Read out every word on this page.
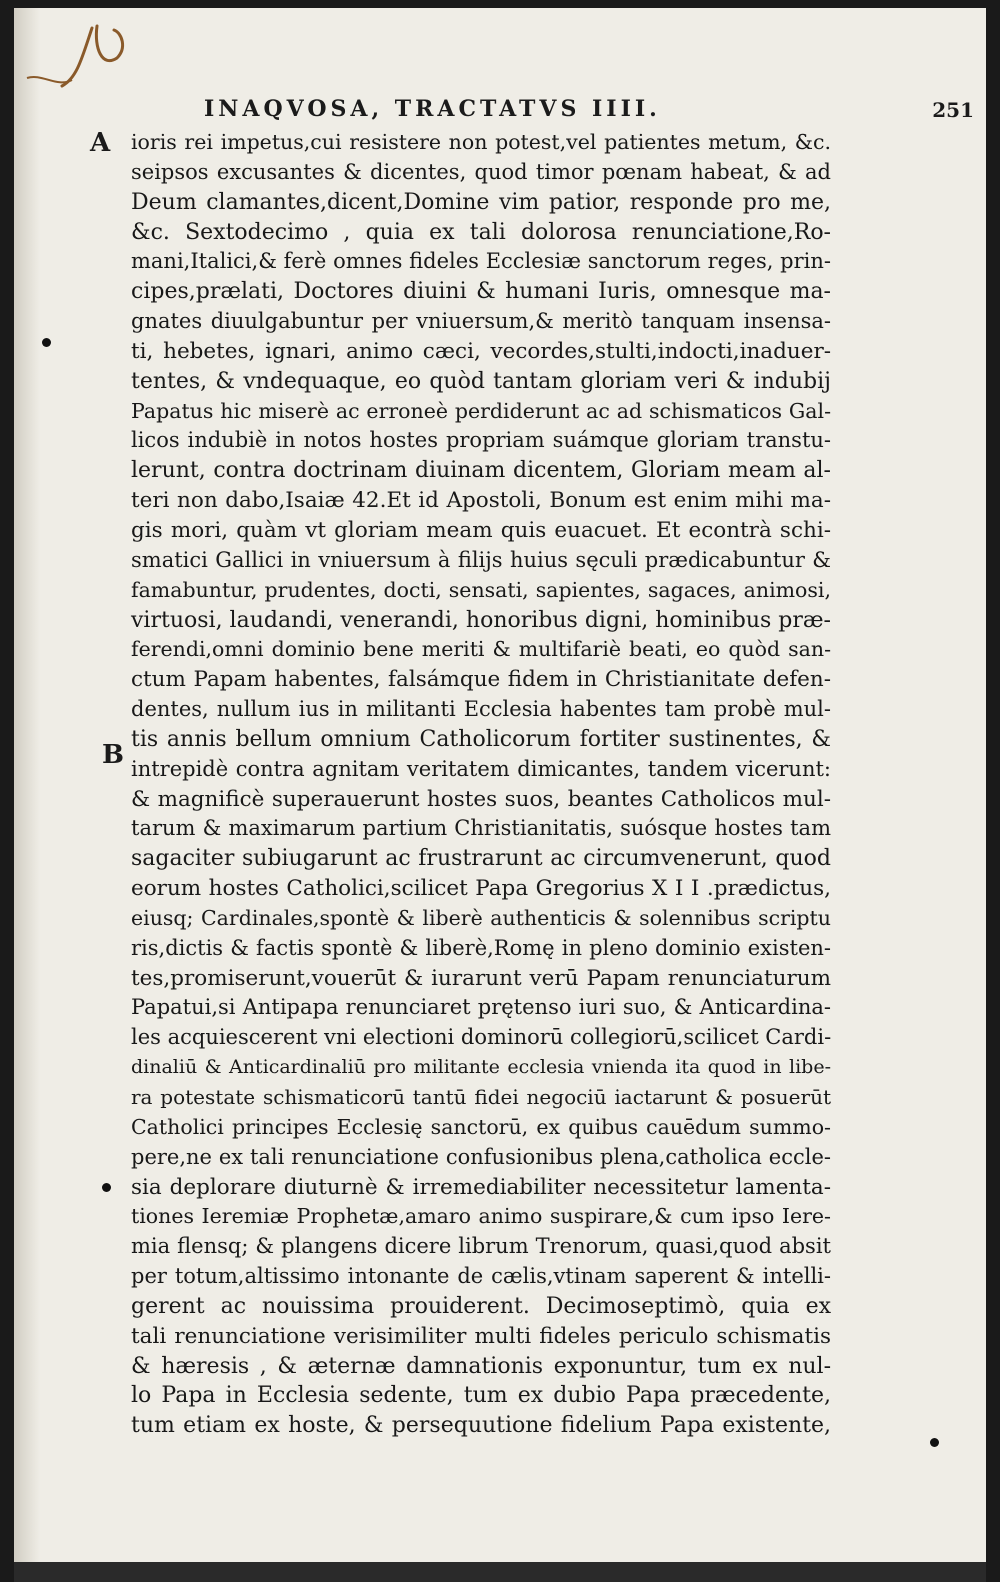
INAQVOSA, TRACTATVS IIII.	251
A
B
ioris rei impetus,cui resistere non potest,vel patientes metum, &c.
seipsos excusantes & dicentes, quod timor pœnam habeat, & ad
Deum clamantes,dicent,Domine vim patior, responde pro me,
&c. Sextodecimo , quia ex tali dolorosa renunciatione,Ro-
mani,Italici,& ferè omnes fideles Ecclesiæ sanctorum reges, prin-
cipes,prælati, Doctores diuini & humani Iuris, omnesque ma-
gnates diuulgabuntur per vniuersum,& meritò tanquam insensa-
ti, hebetes, ignari, animo cæci, vecordes,stulti,indocti,inaduer-
tentes, & vndequaque, eo quòd tantam gloriam veri & indubij
Papatus hic miserè ac erroneè perdiderunt ac ad schismaticos Gal-
licos indubiè in notos hostes propriam suámque gloriam transtu-
lerunt, contra doctrinam diuinam dicentem, Gloriam meam al-
teri non dabo,Isaiæ 42.Et id Apostoli, Bonum est enim mihi ma-
gis mori, quàm vt gloriam meam quis euacuet. Et econtrà schi-
smatici Gallici in vniuersum à filijs huius sęculi prædicabuntur &
famabuntur, prudentes, docti, sensati, sapientes, sagaces, animosi,
virtuosi, laudandi, venerandi, honoribus digni, hominibus præ-
ferendi,omni dominio bene meriti & multifariè beati, eo quòd san-
ctum Papam habentes, falsámque fidem in Christianitate defen-
dentes, nullum ius in militanti Ecclesia habentes tam probè mul-
tis annis bellum omnium Catholicorum fortiter sustinentes, &
intrepidè contra agnitam veritatem dimicantes, tandem vicerunt:
& magnificè superauerunt hostes suos, beantes Catholicos mul-
tarum & maximarum partium Christianitatis, suósque hostes tam
sagaciter subiugarunt ac frustrarunt ac circumvenerunt, quod
eorum hostes Catholici,scilicet Papa Gregorius X I I .prædictus,
eiusq; Cardinales,spontè & liberè authenticis & solennibus scriptu
ris,dictis & factis spontè & liberè,Romę in pleno dominio existen-
tes,promiserunt,vouerūt & iurarunt verū Papam renunciaturum
Papatui,si Antipapa renunciaret prętenso iuri suo, & Anticardina-
les acquiescerent vni electioni dominorū collegiorū,scilicet Cardi-
dinaliū & Anticardinaliū pro militante ecclesia vnienda ita quod in libe-
ra potestate schismaticorū tantū fidei negociū iactarunt & posuerūt
Catholici principes Ecclesię sanctorū, ex quibus cauēdum summo-
pere,ne ex tali renunciatione confusionibus plena,catholica eccle-
sia deplorare diuturnè & irremediabiliter necessitetur lamenta-
tiones Ieremiæ Prophetæ,amaro animo suspirare,& cum ipso Iere-
mia flensq; & plangens dicere librum Trenorum, quasi,quod absit
per totum,altissimo intonante de cælis,vtinam saperent & intelli-
gerent ac nouissima prouiderent. Decimoseptimò, quia ex
tali renunciatione verisimiliter multi fideles periculo schismatis
& hæresis , & æternæ damnationis exponuntur, tum ex nul-
lo Papa in Ecclesia sedente, tum ex dubio Papa præcedente,
tum etiam ex hoste, & persequutione fidelium Papa existente,
